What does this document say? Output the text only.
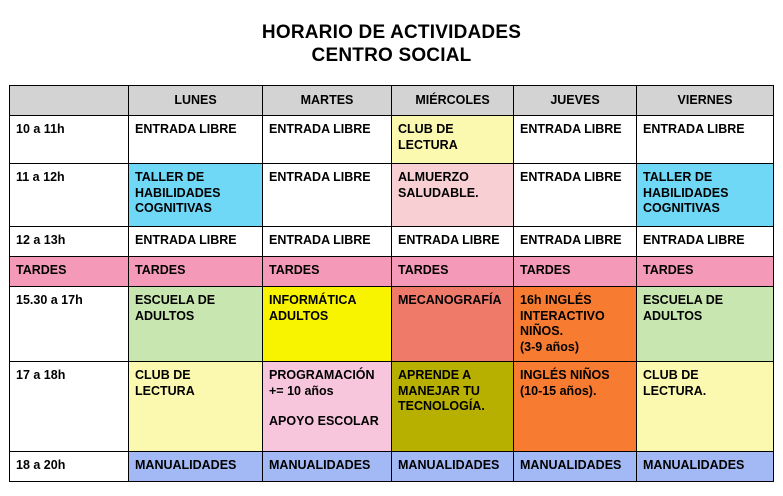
HORARIO DE ACTIVIDADES
CENTRO SOCIAL
	LUNES	MARTES	MIÉRCOLES	JUEVES	VIERNES

10 a 11h	ENTRADA LIBRE	ENTRADA LIBRE	CLUB DE
LECTURA	ENTRADA LIBRE	ENTRADA LIBRE

11 a 12h	TALLER DE
HABILIDADES
COGNITIVAS	ENTRADA LIBRE	ALMUERZO
SALUDABLE.	ENTRADA LIBRE	TALLER DE
HABILIDADES
COGNITIVAS

12 a 13h	ENTRADA LIBRE	ENTRADA LIBRE	ENTRADA LIBRE	ENTRADA LIBRE	ENTRADA LIBRE

TARDES	TARDES	TARDES	TARDES	TARDES	TARDES

15.30 a 17h	ESCUELA DE
ADULTOS	INFORMÁTICA
ADULTOS	MECANOGRAFÍA	16h INGLÉS
INTERACTIVO
NIÑOS.
(3-9 años)	ESCUELA DE
ADULTOS

17 a 18h	CLUB DE
LECTURA	PROGRAMACIÓN
+= 10 años
APOYO ESCOLAR	APRENDE A
MANEJAR TU
TECNOLOGÍA.	INGLÉS NIÑOS
(10-15 años).	CLUB DE
LECTURA.

18 a 20h	MANUALIDADES	MANUALIDADES	MANUALIDADES	MANUALIDADES	MANUALIDADES
